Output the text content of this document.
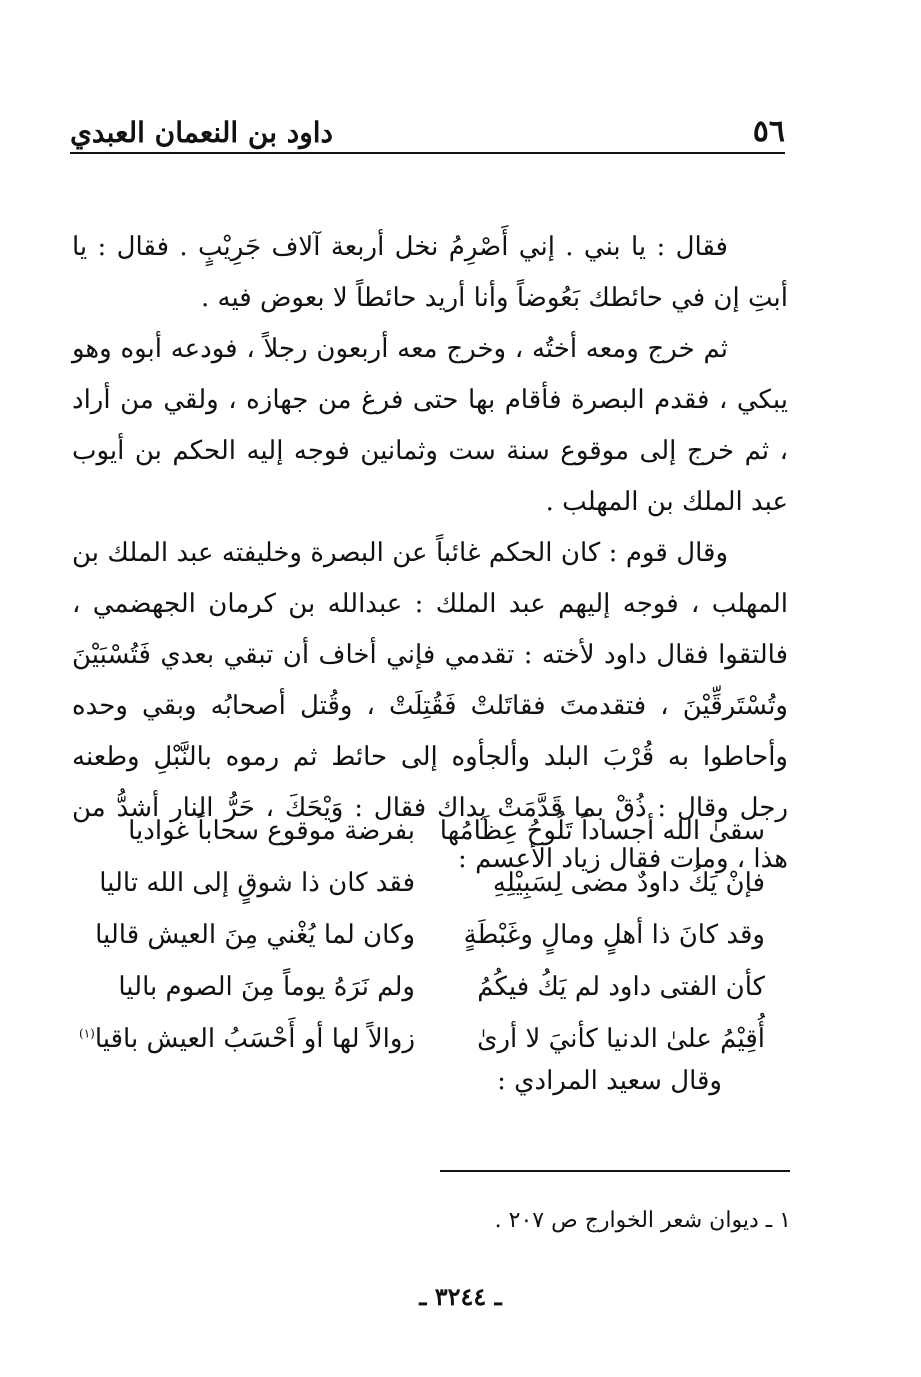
٥٦
داود بن النعمان العبدي

فقال : يا بني . إني أَصْرِمُ نخل أربعة آلاف جَرِيْبٍ . فقال : يا أبتِ إن في حائطك بَعُوضاً وأنا أريد حائطاً لا بعوض فيه .

ثم خرج ومعه أختُه ، وخرج معه أربعون رجلاً ، فودعه أبوه وهو يبكي ، فقدم البصرة فأقام بها حتى فرغ من جهازه ، ولقي من أراد ، ثم خرج إلى موقوع سنة ست وثمانين فوجه إليه الحكم بن أيوب عبد الملك بن المهلب .

وقال قوم : كان الحكم غائباً عن البصرة وخليفته عبد الملك بن المهلب ، فوجه إليهم عبد الملك : عبدالله بن كرمان الجهضمي ، فالتقوا فقال داود لأخته : تقدمي فإني أخاف أن تبقي بعدي فَتُسْبَيْنَ وتُسْتَرقِّيْنَ ، فتقدمتَ فقاتَلتْ فَقُتِلَتْ ، وقُتل أصحابُه وبقي وحده وأحاطوا به قُرْبَ البلد وألجأوه إلى حائط ثم رموه بالنَّبْلِ وطعنه رجل وقال : ذُقْ بما قَدَّمَتْ يداك فقال : وَيْحَكَ ، حَرُّ النار أشدُّ من هذا ، ومات فقال زياد الأعسم :

سقىٰ الله أجساداً تَلُوحُ عِظَامُها
بفرضة موقوع سحاباً غواديا
فإنْ يَكُ داودٌ مضى لِسَبِيْلِهِ
فقد كان ذا شوقٍ إلى الله تاليا
وقد كانَ ذا أهلٍ ومالٍ وغَبْطَةٍ
وكان لما يُغْني مِنَ العيش قاليا
كأن الفتى داود لم يَكُ فيكُمُ
ولم نَرَهُ يوماً مِنَ الصوم باليا
أُقِيْمُ علىٰ الدنيا كأنيَ لا أرىٰ
زوالاً لها أو أَحْسَبُ العيش باقيا$^{(١)}$
وقال سعيد المرادي :
١ ـ ديوان شعر الخوارج ص ٢٠٧ .
ـ ٣٢٤٤ ـ
